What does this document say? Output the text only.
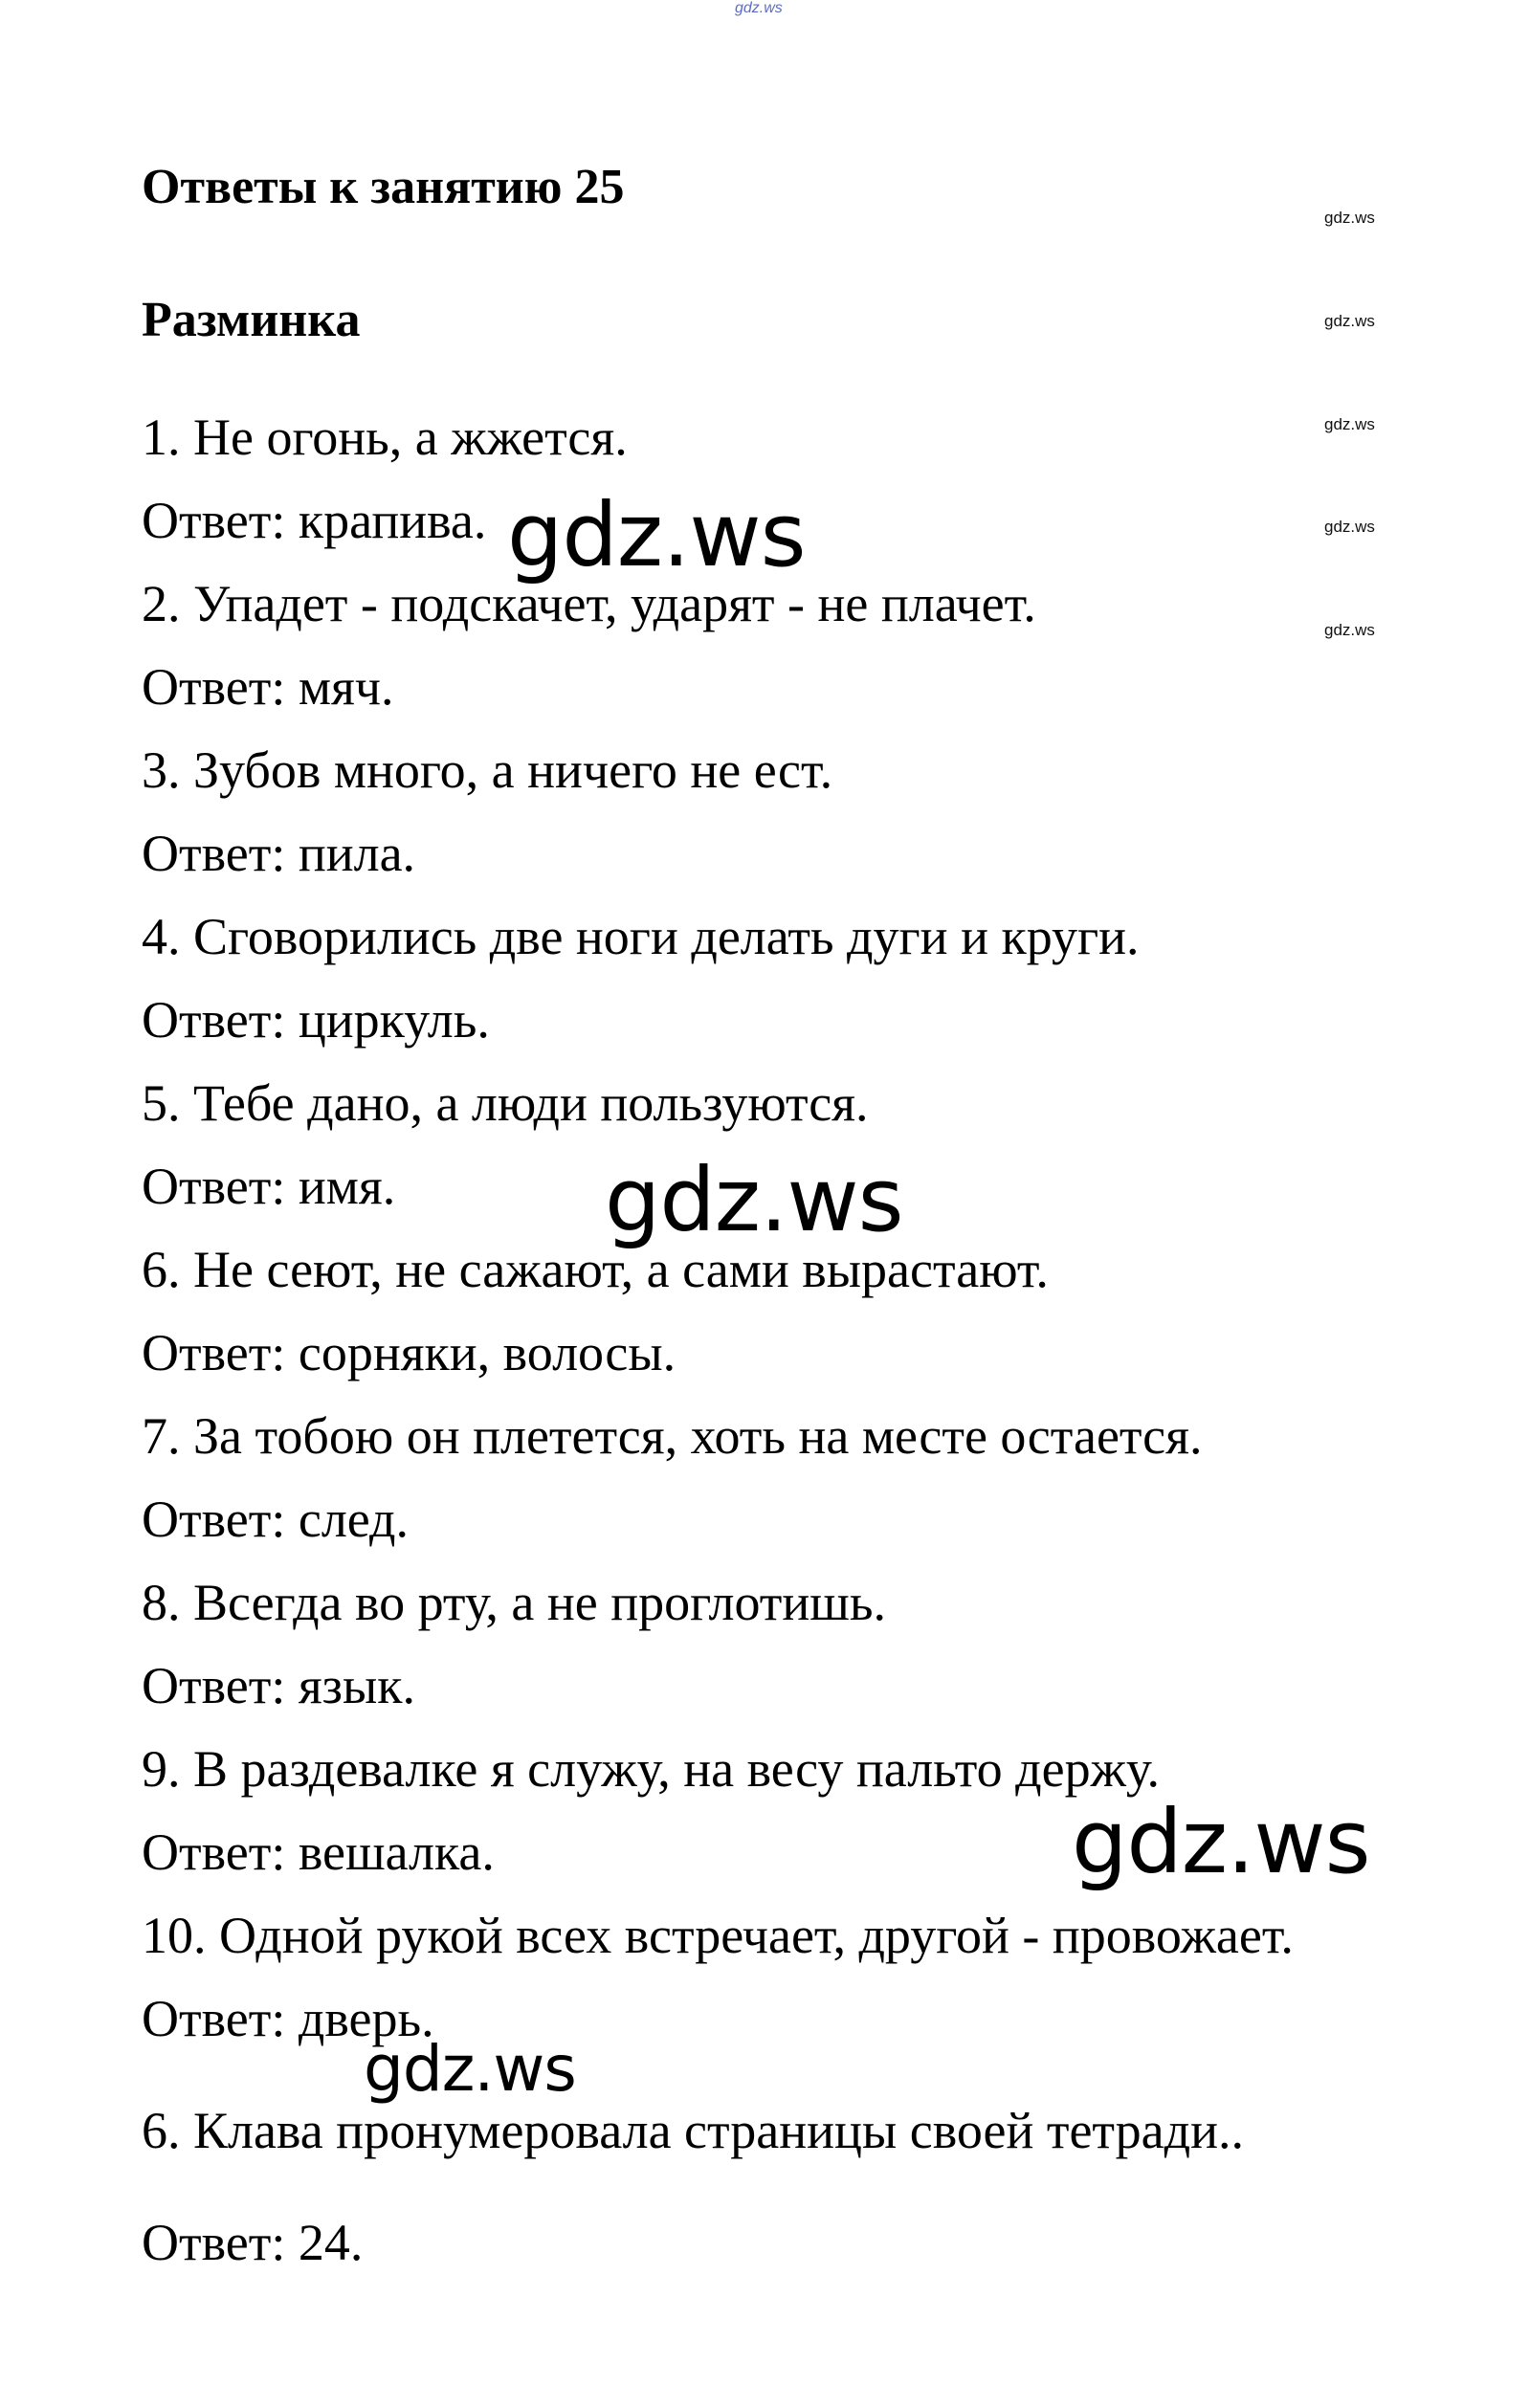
gdz.ws
Ответы к занятию 25
Разминка
gdz.ws
gdz.ws
gdz.ws
gdz.ws
gdz.ws
1. Не огонь, а жжется.
Ответ: крапива.
2. Упадет - подскачет, ударят - не плачет.
Ответ: мяч.
3. Зубов много, а ничего не ест.
Ответ: пила.
4. Сговорились две ноги делать дуги и круги.
Ответ: циркуль.
5. Тебе дано, а люди пользуются.
Ответ: имя.
6. Не сеют, не сажают, а сами вырастают.
Ответ: сорняки, волосы.
7. За тобою он плетется, хоть на месте остается.
Ответ: след.
8. Всегда во рту, а не проглотишь.
Ответ: язык.
9. В раздевалке я служу, на весу пальто держу.
Ответ: вешалка.
10. Одной рукой всех встречает, другой - провожает.
Ответ: дверь.
6. Клава пронумеровала страницы своей тетради..
Ответ: 24.
gdz.ws
gdz.ws
gdz.ws
gdz.ws
